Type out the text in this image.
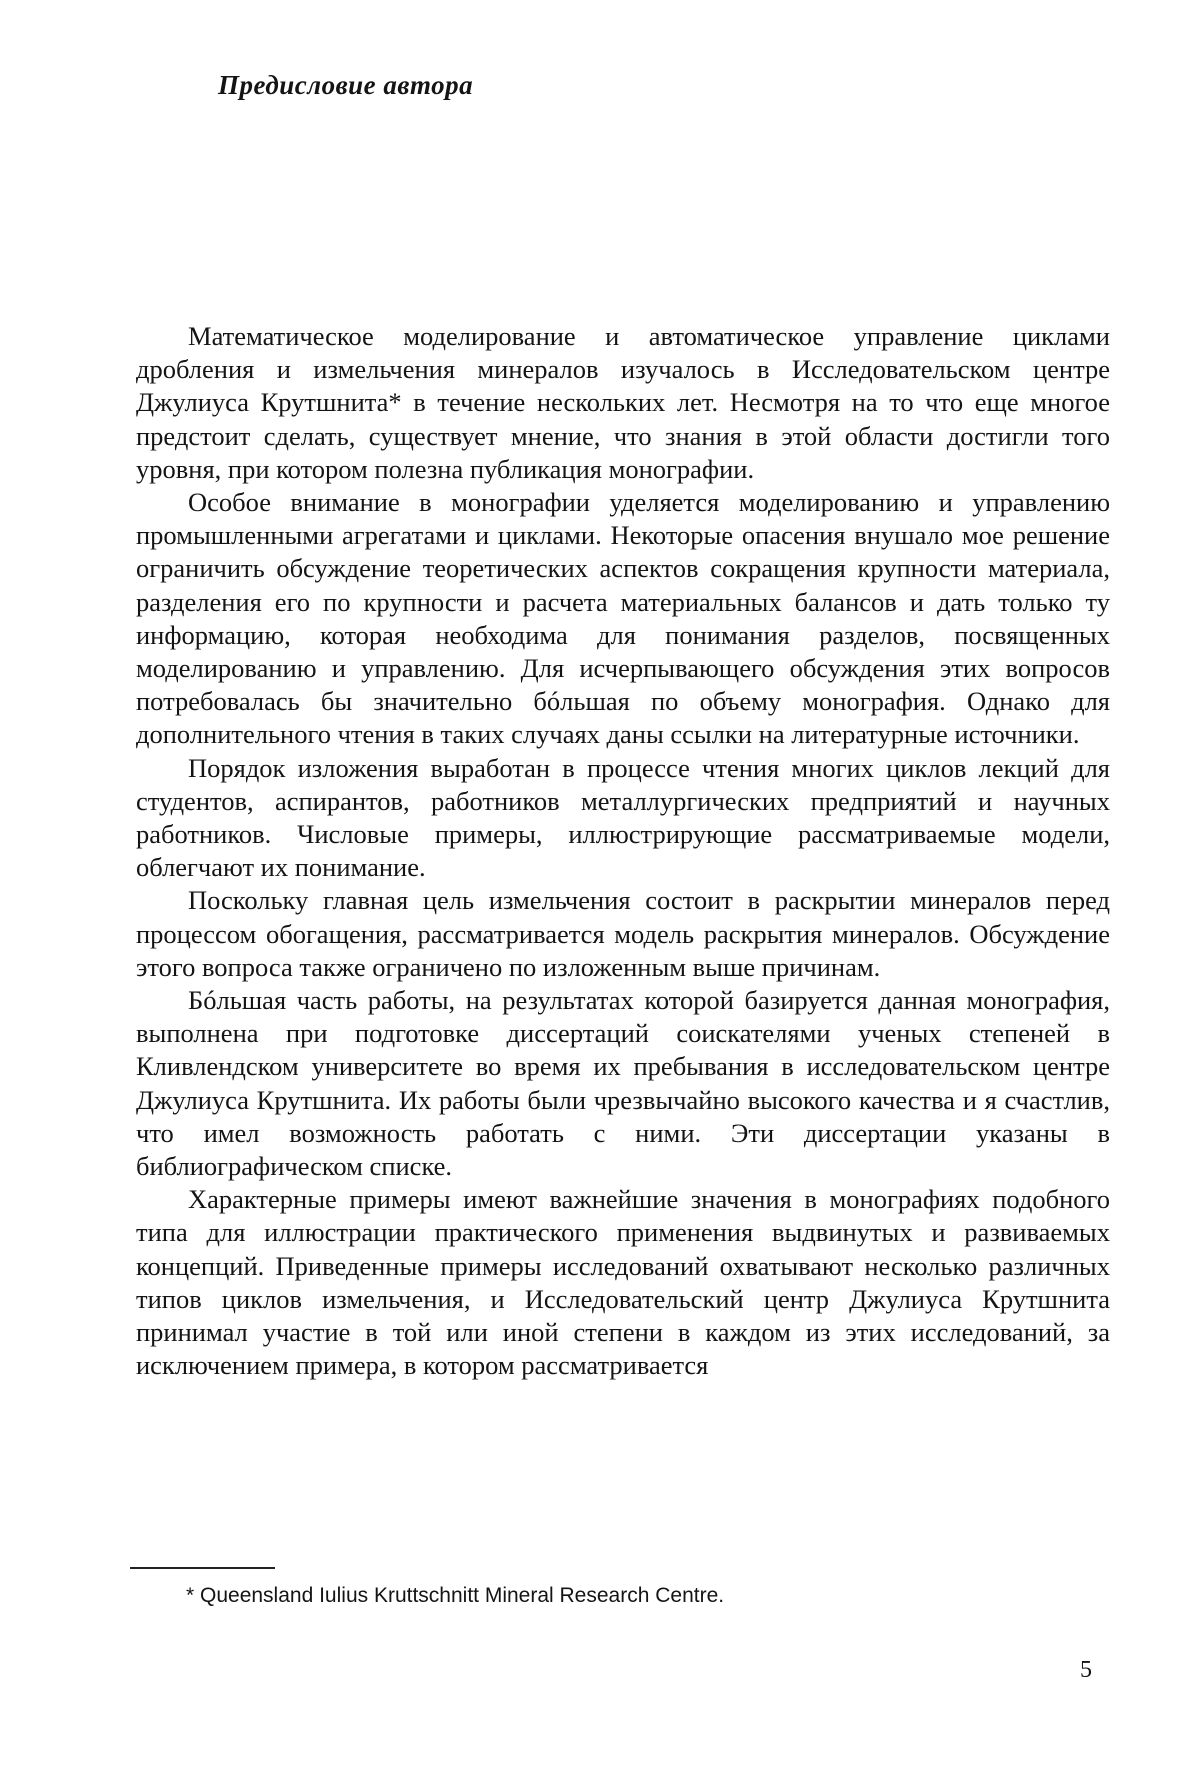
Предисловие автора

Математическое моделирование и автоматическое управление циклами дробления и измельчения минералов изучалось в Исследовательском центре Джулиуса Крутшнита* в течение нескольких лет. Несмотря на то что еще многое предстоит сделать, существует мнение, что знания в этой области достигли того уровня, при котором полезна публикация монографии.

Особое внимание в монографии уделяется моделированию и управлению промышленными агрегатами и циклами. Некоторые опасения внушало мое решение ограничить обсуждение теоретических аспектов сокращения крупности материала, разделения его по крупности и расчета материальных балансов и дать только ту информацию, которая необходима для понимания разделов, посвященных моделированию и управлению. Для исчерпывающего обсуждения этих вопросов потребовалась бы значительно бóльшая по объему монография. Однако для дополнительного чтения в таких случаях даны ссылки на литературные источники.

Порядок изложения выработан в процессе чтения многих циклов лекций для студентов, аспирантов, работников металлургических предприятий и научных работников. Числовые примеры, иллюстрирующие рассматриваемые модели, облегчают их понимание.

Поскольку главная цель измельчения состоит в раскрытии минералов перед процессом обогащения, рассматривается модель раскрытия минералов. Обсуждение этого вопроса также ограничено по изложенным выше причинам.

Бóльшая часть работы, на результатах которой базируется данная монография, выполнена при подготовке диссертаций соискателями ученых степеней в Кливлендском университете во время их пребывания в исследовательском центре Джулиуса Крутшнита. Их работы были чрезвычайно высокого качества и я счастлив, что имел возможность работать с ними. Эти диссертации указаны в библиографическом списке.

Характерные примеры имеют важнейшие значения в монографиях подобного типа для иллюстрации практического применения выдвинутых и развиваемых концепций. Приведенные примеры исследований охватывают несколько различных типов циклов измельчения, и Исследовательский центр Джулиуса Крутшнита принимал участие в той или иной степени в каждом из этих исследований, за исключением примера, в котором рассматривается

* Queensland Iulius Kruttschnitt Mineral Research Centre.
5
